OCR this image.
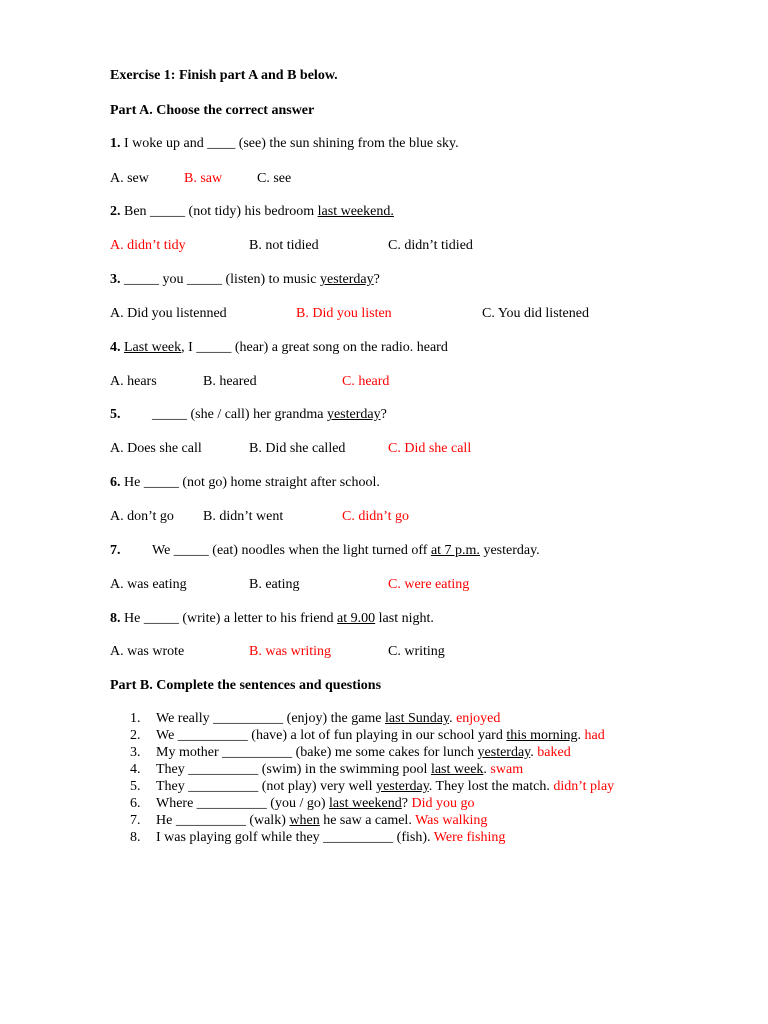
Exercise 1: Finish part A and B below.
Part A. Choose the correct answer
1. I woke up and ____ (see) the sun shining from the blue sky.
A. sew	B. saw C. see
2. Ben _____ (not tidy) his bedroom last weekend.
A. didn’t tidy	B. not tidied	C. didn’t tidied
3. _____ you _____ (listen) to music yesterday?
A. Did you listenned	B. Did you listen	C. You did listened
4. Last week, I _____ (hear) a great song on the radio. heard
A. hears	B. heared	C. heard
5.         _____ (she / call) her grandma yesterday?
A. Does she call	B. Did she called	C. Did she call
6. He _____ (not go) home straight after school.
A. don’t go B. didn’t went	C. didn’t go
7.         We _____ (eat) noodles when the light turned off at 7 p.m. yesterday.
A. was eating	B. eating	C. were eating
8. He _____ (write) a letter to his friend at 9.00 last night.
A. was wrote	B. was writing	C. writing
Part B. Complete the sentences and questions
1. We really __________ (enjoy) the game last Sunday. enjoyed
2. We __________ (have) a lot of fun playing in our school yard this morning. had
3. My mother __________ (bake) me some cakes for lunch yesterday. baked
4. They __________ (swim) in the swimming pool last week. swam
5. They __________ (not play) very well yesterday. They lost the match. didn’t play
6. Where __________ (you / go) last weekend? Did you go
7. He __________ (walk) when he saw a camel. Was walking
8. I was playing golf while they __________ (fish). Were fishing
